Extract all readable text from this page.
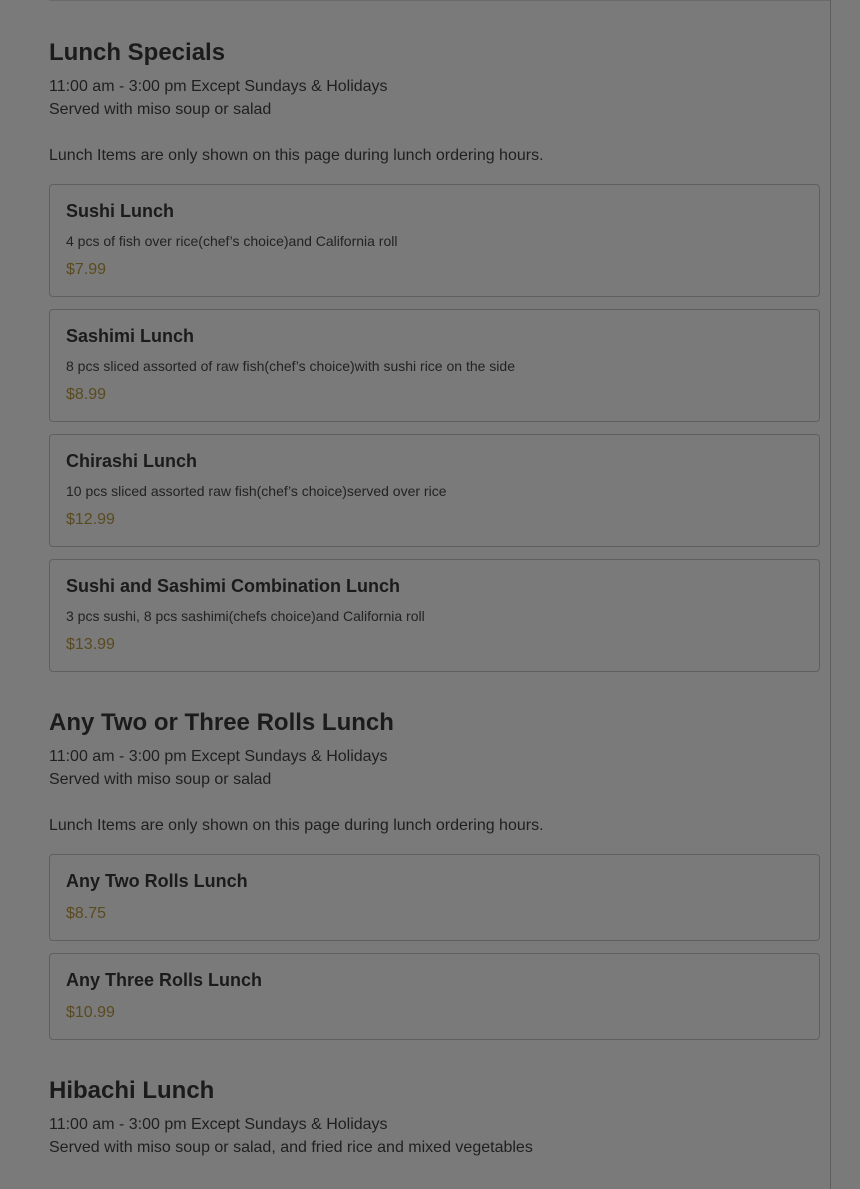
Lunch Specials
11:00 am - 3:00 pm Except Sundays & Holidays
Served with miso soup or salad
Lunch Items are only shown on this page during lunch ordering hours.
Sushi Lunch
4 pcs of fish over rice(chef’s choice)and California roll
$7.99
Sashimi Lunch
8 pcs sliced assorted of raw fish(chef’s choice)with sushi rice on the side
$8.99
Chirashi Lunch
10 pcs sliced assorted raw fish(chef’s choice)served over rice
$12.99
Sushi and Sashimi Combination Lunch
3 pcs sushi, 8 pcs sashimi(chefs choice)and California roll
$13.99
Any Two or Three Rolls Lunch
11:00 am - 3:00 pm Except Sundays & Holidays
Served with miso soup or salad
Lunch Items are only shown on this page during lunch ordering hours.
Any Two Rolls Lunch
$8.75
Any Three Rolls Lunch
$10.99
Hibachi Lunch
11:00 am - 3:00 pm Except Sundays & Holidays
Served with miso soup or salad, and fried rice and mixed vegetables
